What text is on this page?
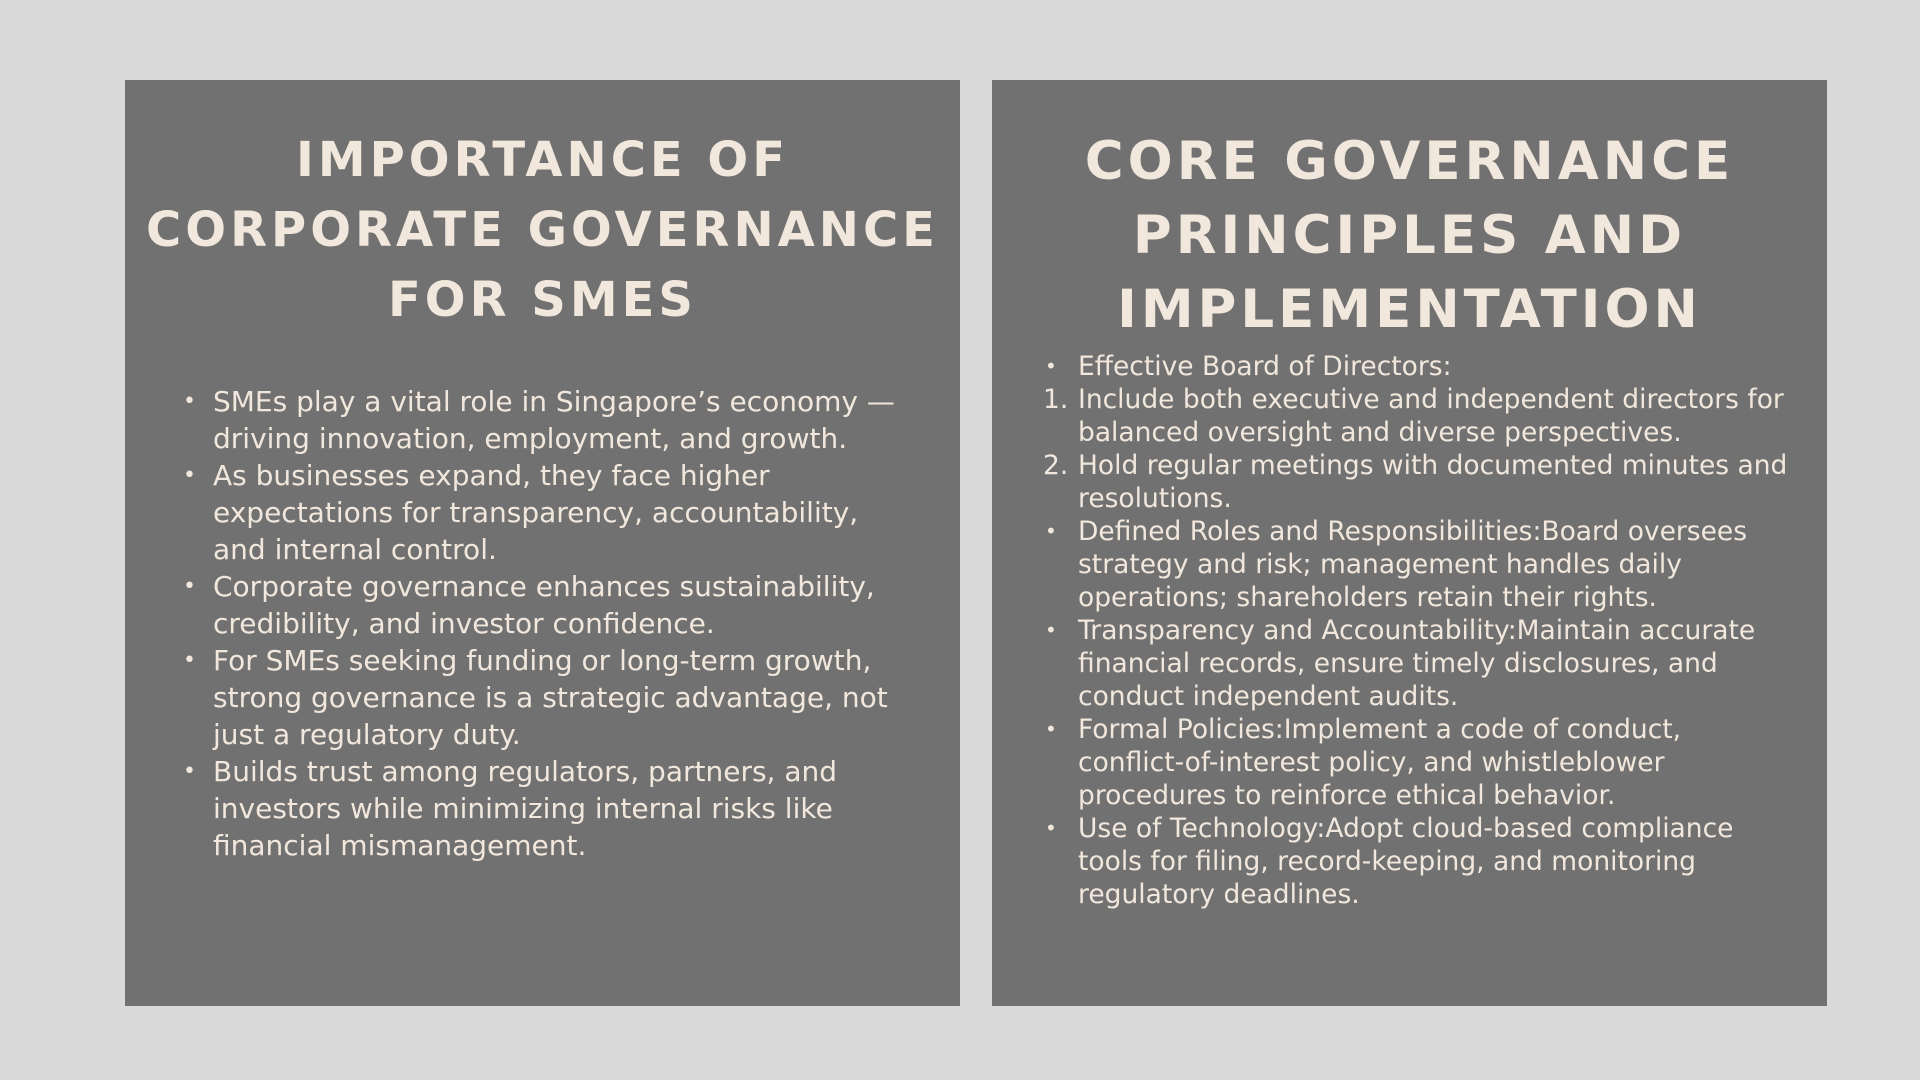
IMPORTANCE OF CORPORATE GOVERNANCE FOR SMES
• SMEs play a vital role in Singapore’s economy — driving innovation, employment, and growth.
• As businesses expand, they face higher expectations for transparency, accountability, and internal control.
• Corporate governance enhances sustainability, credibility, and investor confidence.
• For SMEs seeking funding or long-term growth, strong governance is a strategic advantage, not just a regulatory duty.
• Builds trust among regulators, partners, and investors while minimizing internal risks like financial mismanagement.
CORE GOVERNANCE PRINCIPLES AND IMPLEMENTATION
• Effective Board of Directors:
1. Include both executive and independent directors for balanced oversight and diverse perspectives.
2. Hold regular meetings with documented minutes and resolutions.
• Defined Roles and Responsibilities:Board oversees strategy and risk; management handles daily operations; shareholders retain their rights.
• Transparency and Accountability:Maintain accurate financial records, ensure timely disclosures, and conduct independent audits.
• Formal Policies:Implement a code of conduct, conflict-of-interest policy, and whistleblower procedures to reinforce ethical behavior.
• Use of Technology:Adopt cloud-based compliance tools for filing, record-keeping, and monitoring regulatory deadlines.
